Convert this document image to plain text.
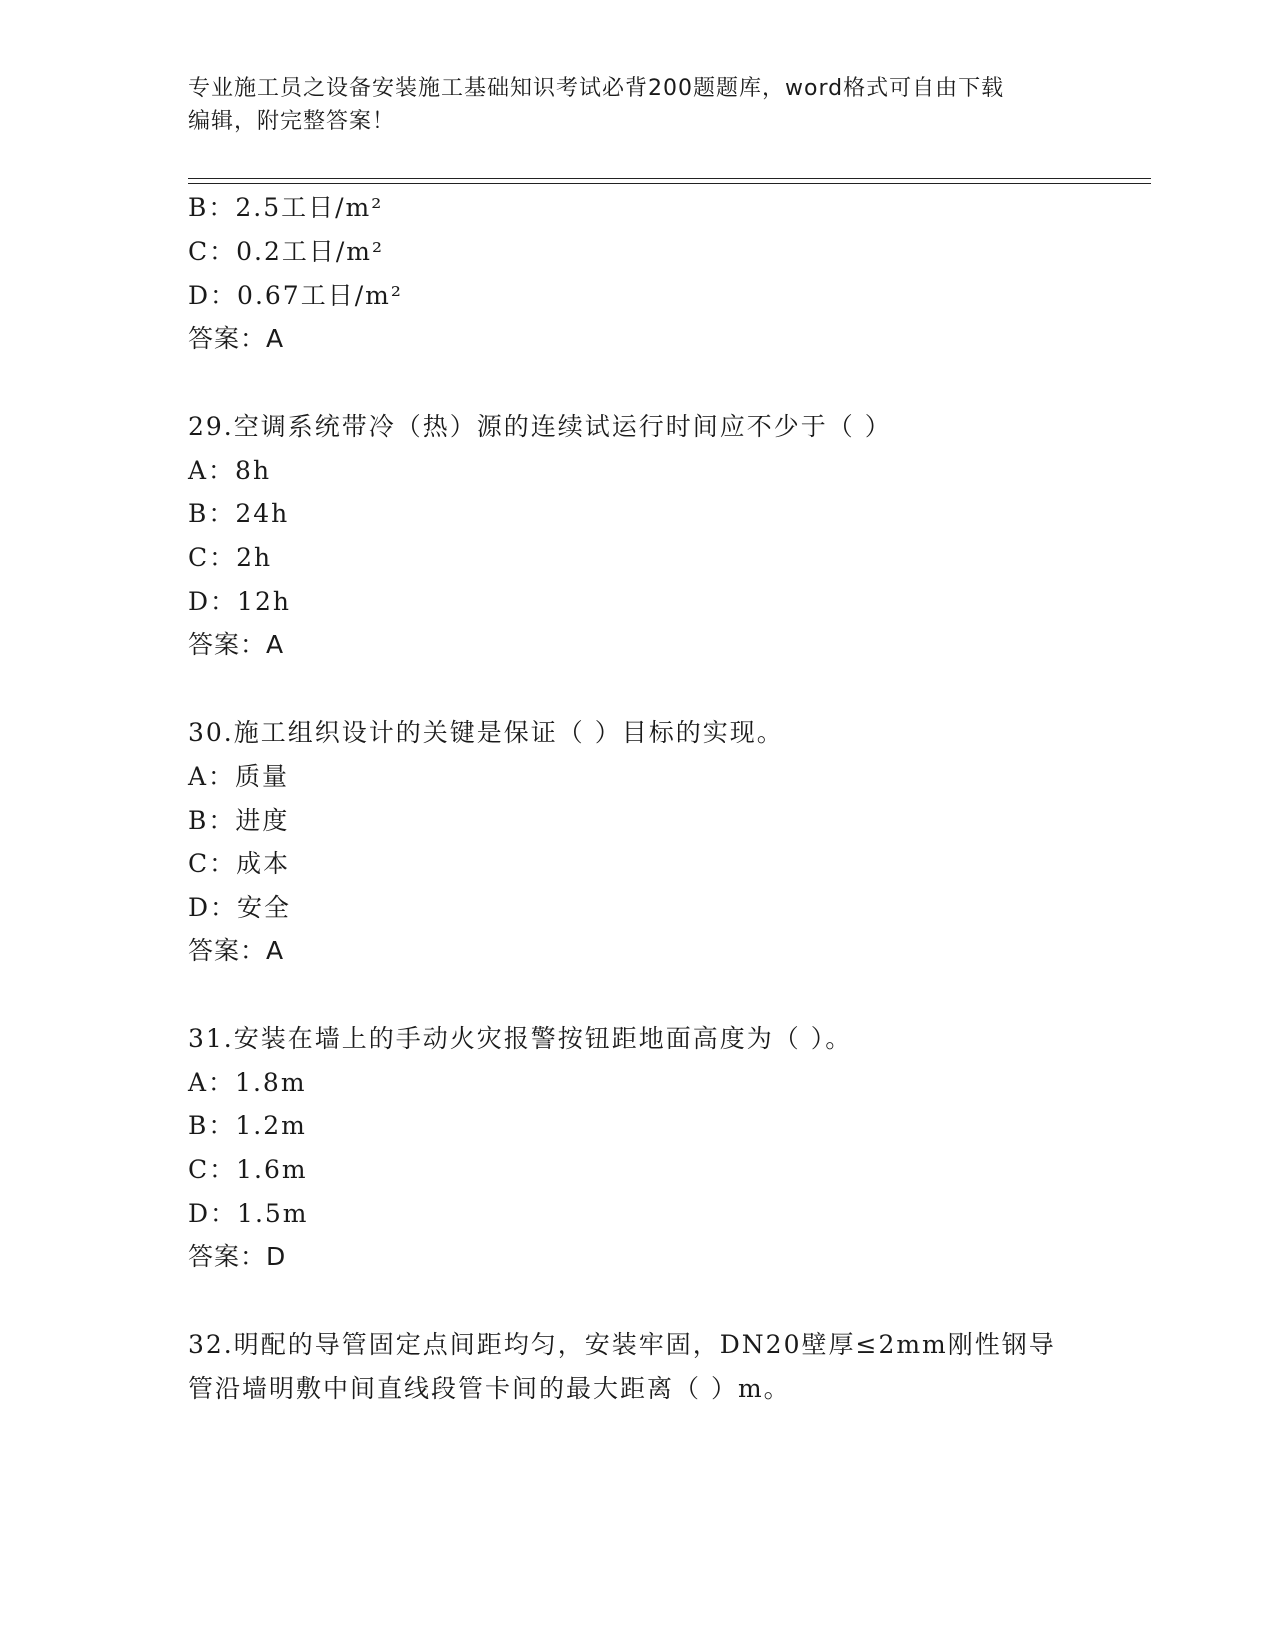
专业施工员之设备安装施工基础知识考试必背200题题库，word格式可自由下载
编辑，附完整答案！
B：2.5工日/m²
C：0.2工日/m²
D：0.67工日/m²
答案：A
29.空调系统带冷（热）源的连续试运行时间应不少于（ ）
A：8h
B：24h
C：2h
D：12h
答案：A
30.施工组织设计的关键是保证（ ）目标的实现。
A：质量
B：进度
C：成本
D：安全
答案：A
31.安装在墙上的手动火灾报警按钮距地面高度为（ ）。
A：1.8m
B：1.2m
C：1.6m
D：1.5m
答案：D
32.明配的导管固定点间距均匀，安装牢固，DN20壁厚≤2mm刚性钢导
管沿墙明敷中间直线段管卡间的最大距离（ ）m。
